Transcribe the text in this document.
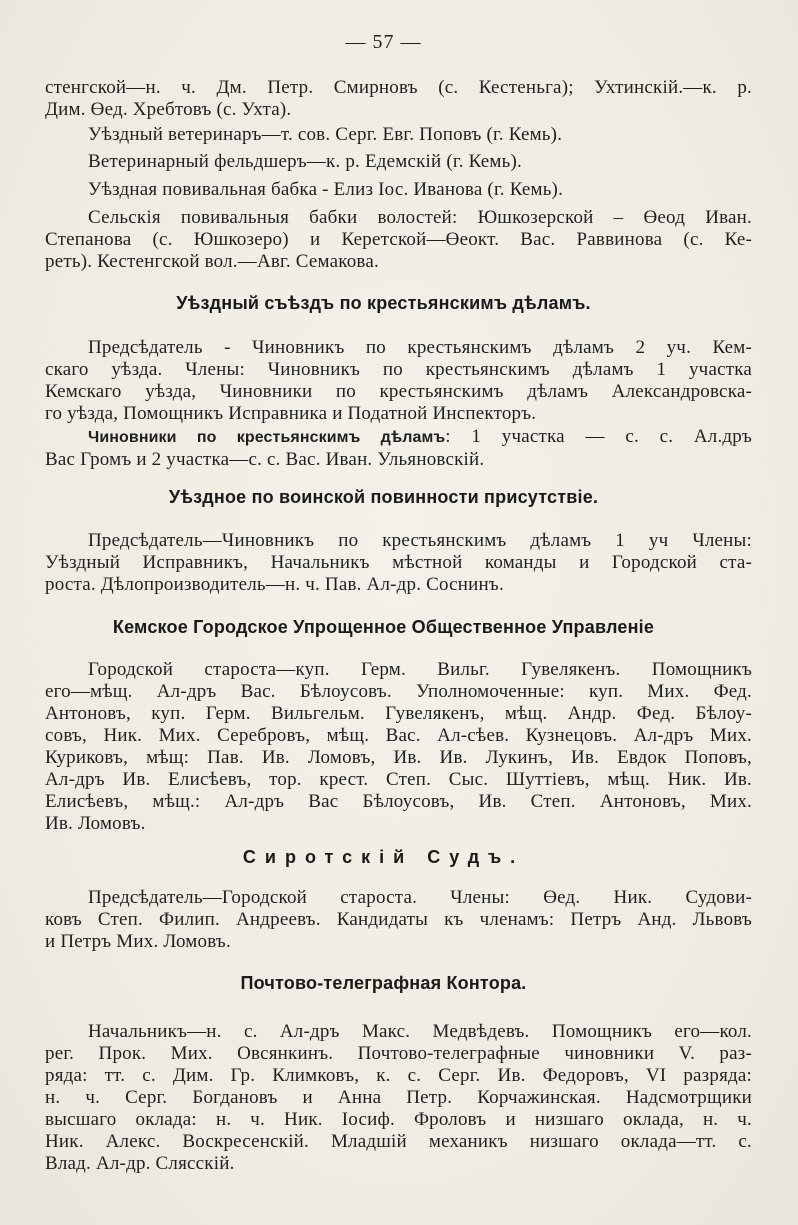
— 57 —
стенгской—н. ч. Дм. Петр. Смирновъ (с. Кестеньга); Ухтинскій.—к. р.
Дим. Өед. Хребтовъ (с. Ухта).
Уѣздный ветеринаръ—т. сов. Серг. Евг. Поповъ (г. Кемь).
Ветеринарный фельдшеръ—к. р. Едемскій (г. Кемь).
Уѣздная повивальная бабка - Елиз Іос. Иванова (г. Кемь).
Сельскія повивальныя бабки волостей: Юшкозерской – Өеод Иван.
Степанова (с. Юшкозеро) и Керетской—Өеокт. Вас. Раввинова (с. Ке-
реть). Кестенгской вол.—Авг. Семакова.
Уѣздный съѣздъ по крестьянскимъ дѣламъ.
Предсѣдатель - Чиновникъ по крестьянскимъ дѣламъ 2 уч. Кем-
скаго уѣзда. Члены: Чиновникъ по крестьянскимъ дѣламъ 1 участка
Кемскаго уѣзда, Чиновники по крестьянскимъ дѣламъ Александровска-
го уѣзда, Помощникъ Исправника и Податной Инспекторъ.
Чиновники по крестьянскимъ дѣламъ: 1 участка — с. с. Ал.дръ
Вас Громъ и 2 участка—с. с. Вас. Иван. Ульяновскій.
Уѣздное по воинской повинности присутствіе.
Предсѣдатель—Чиновникъ по крестьянскимъ дѣламъ 1 уч Члены:
Уѣздный Исправникъ, Начальникъ мѣстной команды и Городской ста-
роста. Дѣлопроизводитель—н. ч. Пав. Ал-др. Соснинъ.
Кемское Городское Упрощенное Общественное Управленіе
Городской староста—куп. Герм. Вильг. Гувелякенъ. Помощникъ
его—мѣщ. Ал-дръ Вас. Бѣлоусовъ. Уполномоченные: куп. Мих. Фед.
Антоновъ, куп. Герм. Вильгельм. Гувелякенъ, мѣщ. Андр. Фед. Бѣлоу-
совъ, Ник. Мих. Серебровъ, мѣщ. Вас. Ал-сѣев. Кузнецовъ. Ал-дръ Мих.
Куриковъ, мѣщ: Пав. Ив. Ломовъ, Ив. Ив. Лукинъ, Ив. Евдок Поповъ,
Ал-дръ Ив. Елисѣевъ, тор. крест. Степ. Сыс. Шуттіевъ, мѣщ. Ник. Ив.
Елисѣевъ, мѣщ.: Ал-дръ Вас Бѣлоусовъ, Ив. Степ. Антоновъ, Мих.
Ив. Ломовъ.
Сиротскій Судъ.
Предсѣдатель—Городской староста. Члены: Өед. Ник. Судови-
ковъ Степ. Филип. Андреевъ. Кандидаты къ членамъ: Петръ Анд. Львовъ
и Петръ Мих. Ломовъ.
Почтово-телеграфная Контора.
Начальникъ—н. с. Ал-дръ Макс. Медвѣдевъ. Помощникъ его—кол.
рег. Прок. Мих. Овсянкинъ. Почтово-телеграфные чиновники V. раз-
ряда: тт. с. Дим. Гр. Климковъ, к. с. Серг. Ив. Федоровъ, VI разряда:
н. ч. Серг. Богдановъ и Анна Петр. Корчажинская. Надсмотрщики
высшаго оклада: н. ч. Ник. Іосиф. Фроловъ и низшаго оклада, н. ч.
Ник. Алекс. Воскресенскій. Младшій механикъ низшаго оклада—тт. с.
Влад. Ал-др. Слясскій.
